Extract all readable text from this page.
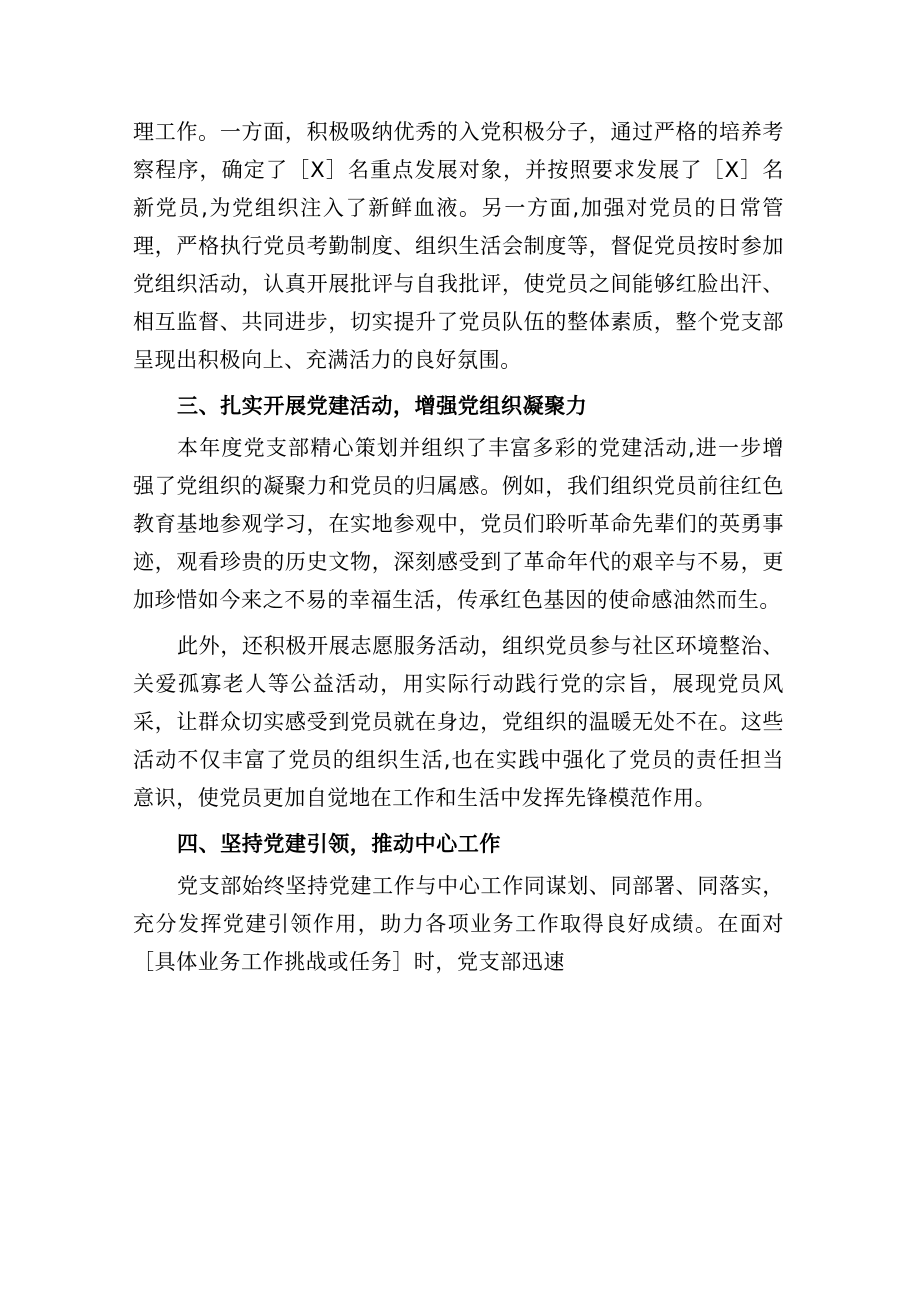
理工作。一方面，积极吸纳优秀的入党积极分子，通过严格的培养考察程序，确定了［X］名重点发展对象，并按照要求发展了［X］名新党员,为党组织注入了新鲜血液。另一方面,加强对党员的日常管理，严格执行党员考勤制度、组织生活会制度等，督促党员按时参加党组织活动，认真开展批评与自我批评，使党员之间能够红脸出汗、相互监督、共同进步，切实提升了党员队伍的整体素质，整个党支部呈现出积极向上、充满活力的良好氛围。

三、扎实开展党建活动，增强党组织凝聚力

本年度党支部精心策划并组织了丰富多彩的党建活动,进一步增强了党组织的凝聚力和党员的归属感。例如，我们组织党员前往红色教育基地参观学习，在实地参观中，党员们聆听革命先辈们的英勇事迹，观看珍贵的历史文物，深刻感受到了革命年代的艰辛与不易，更加珍惜如今来之不易的幸福生活，传承红色基因的使命感油然而生。

此外，还积极开展志愿服务活动，组织党员参与社区环境整治、关爱孤寡老人等公益活动，用实际行动践行党的宗旨，展现党员风采，让群众切实感受到党员就在身边，党组织的温暖无处不在。这些活动不仅丰富了党员的组织生活,也在实践中强化了党员的责任担当意识，使党员更加自觉地在工作和生活中发挥先锋模范作用。

四、坚持党建引领，推动中心工作

党支部始终坚持党建工作与中心工作同谋划、同部署、同落实，充分发挥党建引领作用，助力各项业务工作取得良好成绩。在面对［具体业务工作挑战或任务］时，党支部迅速
